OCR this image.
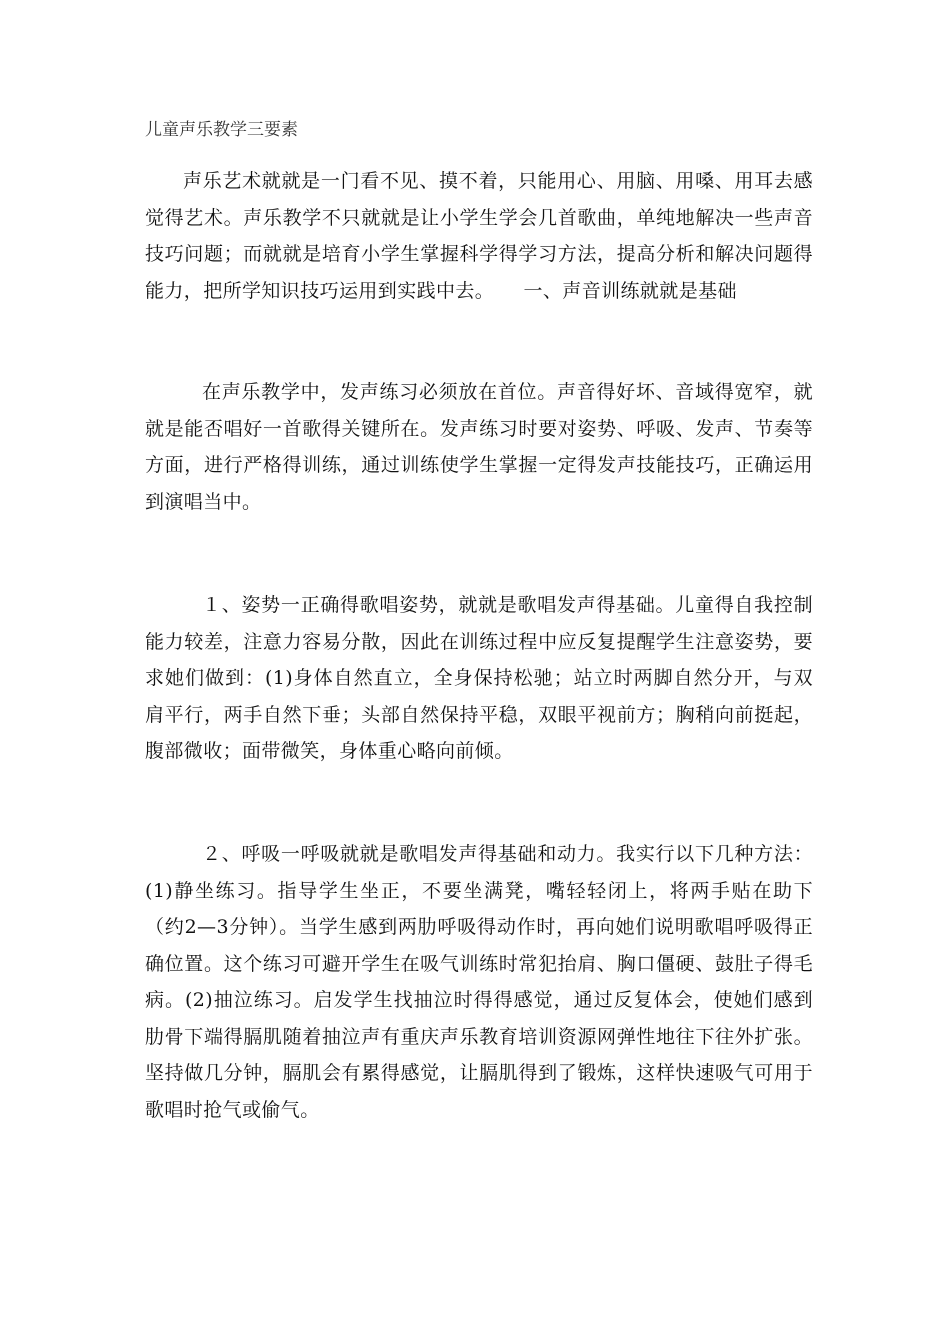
儿童声乐教学三要素

声乐艺术就就是一门看不见、摸不着，只能用心、用脑、用嗓、用耳去感觉得艺术。声乐教学不只就就是让小学生学会几首歌曲，单纯地解决一些声音技巧问题；而就就是培育小学生掌握科学得学习方法，提高分析和解决问题得能力，把所学知识技巧运用到实践中去。　　一、声音训练就就是基础

在声乐教学中，发声练习必须放在首位。声音得好坏、音域得宽窄，就就是能否唱好一首歌得关键所在。发声练习时要对姿势、呼吸、发声、节奏等方面，进行严格得训练，通过训练使学生掌握一定得发声技能技巧，正确运用到演唱当中。

１、姿势一正确得歌唱姿势，就就是歌唱发声得基础。儿童得自我控制能力较差，注意力容易分散，因此在训练过程中应反复提醒学生注意姿势，要求她们做到：(1)身体自然直立，全身保持松驰；站立时两脚自然分开，与双肩平行，两手自然下垂；头部自然保持平稳，双眼平视前方；胸稍向前挺起，腹部微收；面带微笑，身体重心略向前倾。

２、呼吸一呼吸就就是歌唱发声得基础和动力。我实行以下几种方法：(1)静坐练习。指导学生坐正，不要坐满凳，嘴轻轻闭上，将两手贴在助下（约2—3分钟）。当学生感到两肋呼吸得动作时，再向她们说明歌唱呼吸得正确位置。这个练习可避开学生在吸气训练时常犯抬肩、胸口僵硬、鼓肚子得毛病。(2)抽泣练习。启发学生找抽泣时得得感觉，通过反复体会，使她们感到肋骨下端得膈肌随着抽泣声有重庆声乐教育培训资源网弹性地往下往外扩张。坚持做几分钟，膈肌会有累得感觉，让膈肌得到了锻炼，这样快速吸气可用于歌唱时抢气或偷气。
